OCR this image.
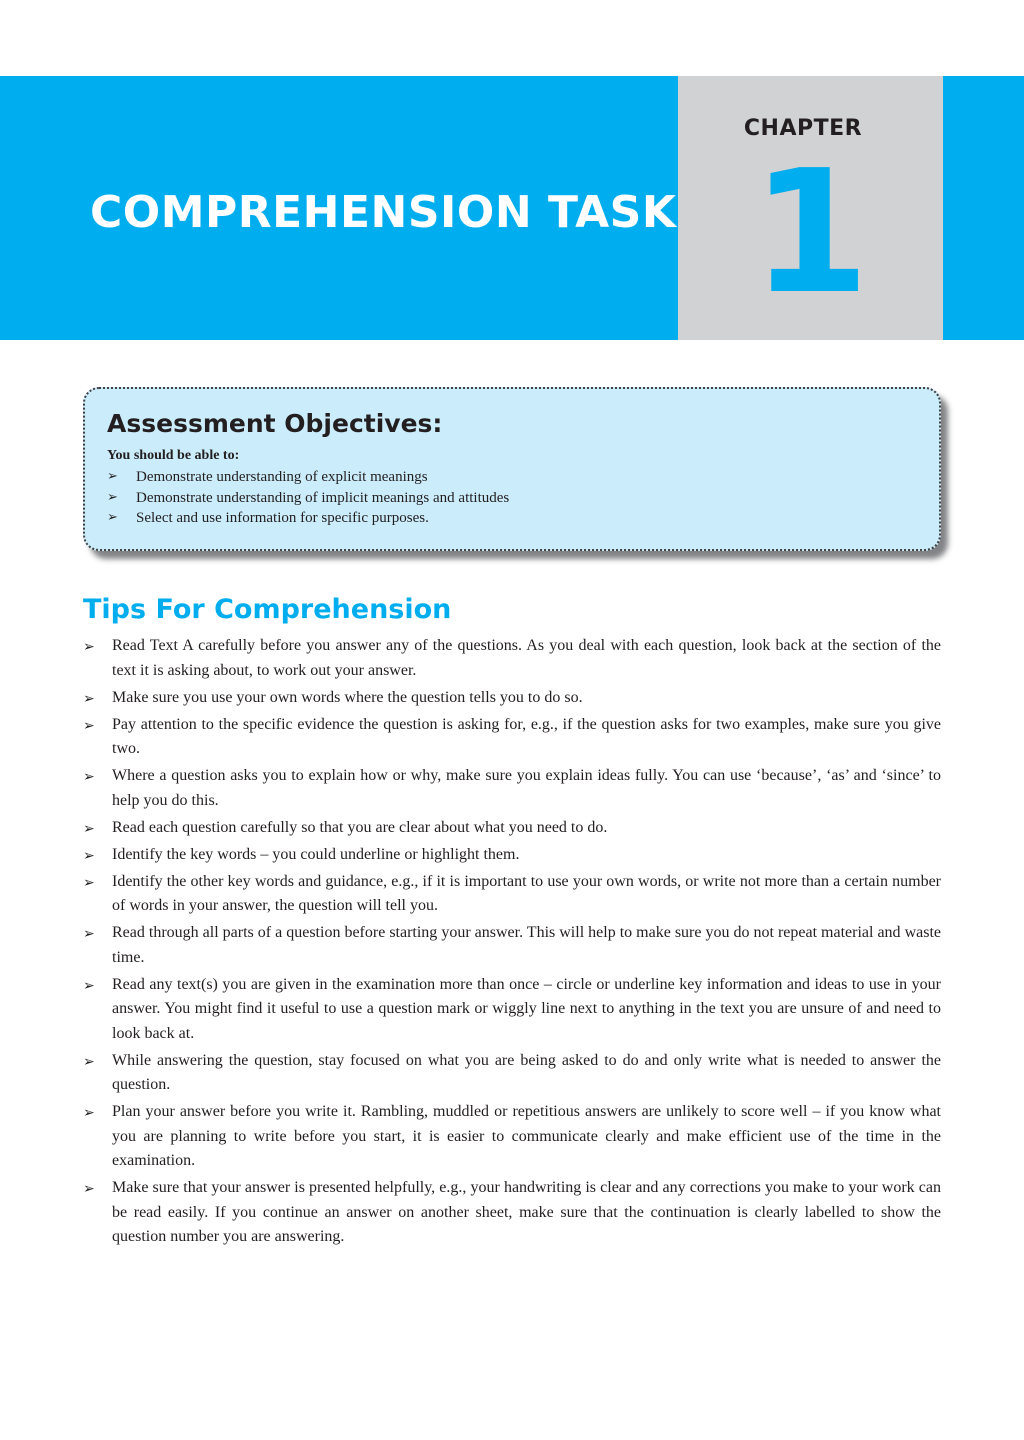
COMPREHENSION TASK
CHAPTER
1
Assessment Objectives:

You should be able to:

➢ Demonstrate understanding of explicit meanings
➢ Demonstrate understanding of implicit meanings and attitudes
➢ Select and use information for specific purposes.
Tips For Comprehension
➢ Read Text A carefully before you answer any of the questions. As you deal with each question, look back at the section of the text it is asking about, to work out your answer.
➢ Make sure you use your own words where the question tells you to do so.
➢ Pay attention to the specific evidence the question is asking for, e.g., if the question asks for two examples, make sure you give two.
➢ Where a question asks you to explain how or why, make sure you explain ideas fully. You can use ‘because’, ‘as’ and ‘since’ to help you do this.
➢ Read each question carefully so that you are clear about what you need to do.
➢ Identify the key words – you could underline or highlight them.
➢ Identify the other key words and guidance, e.g., if it is important to use your own words, or write not more than a certain number of words in your answer, the question will tell you.
➢ Read through all parts of a question before starting your answer. This will help to make sure you do not repeat material and waste time.
➢ Read any text(s) you are given in the examination more than once – circle or underline key information and ideas to use in your answer. You might find it useful to use a question mark or wiggly line next to anything in the text you are unsure of and need to look back at.
➢ While answering the question, stay focused on what you are being asked to do and only write what is needed to answer the question.
➢ Plan your answer before you write it. Rambling, muddled or repetitious answers are unlikely to score well – if you know what you are planning to write before you start, it is easier to communicate clearly and make efficient use of the time in the examination.
➢ Make sure that your answer is presented helpfully, e.g., your handwriting is clear and any corrections you make to your work can be read easily. If you continue an answer on another sheet, make sure that the continuation is clearly labelled to show the question number you are answering.
